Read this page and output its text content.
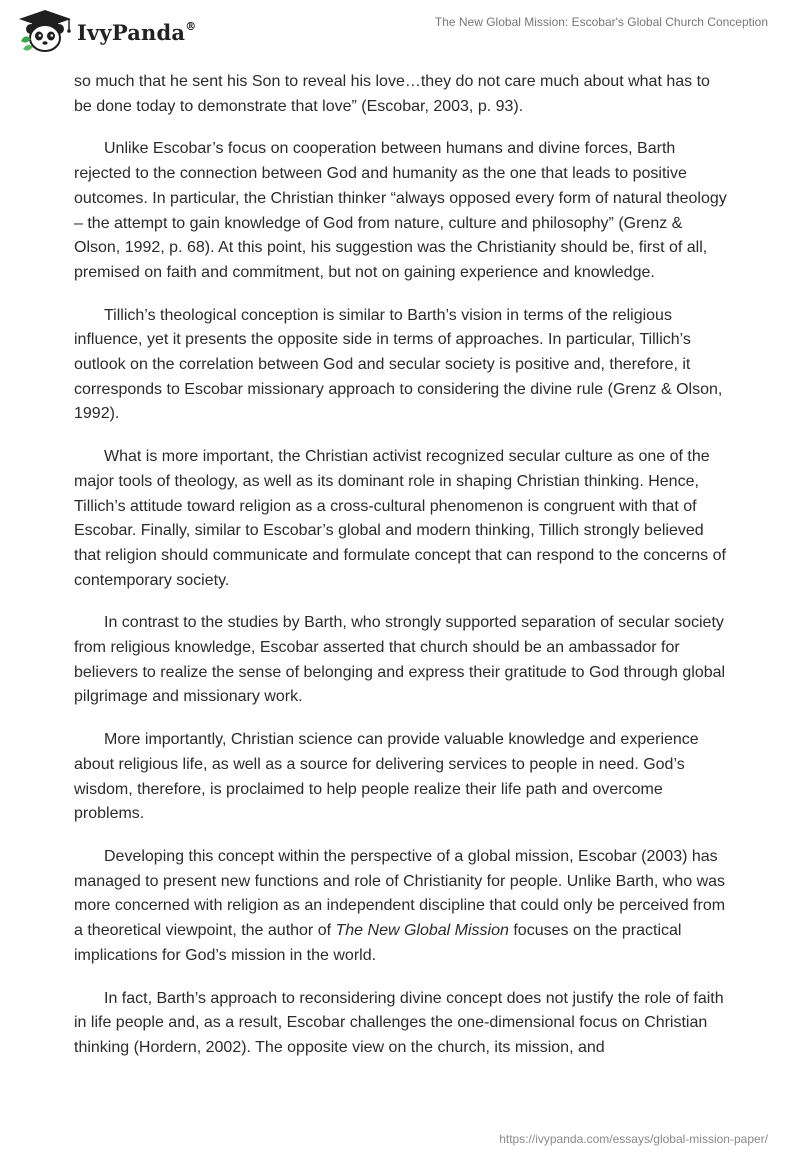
IvyPanda®	The New Global Mission: Escobar's Global Church Conception

so much that he sent his Son to reveal his love…they do not care much about what has to be done today to demonstrate that love” (Escobar, 2003, p. 93).

Unlike Escobar’s focus on cooperation between humans and divine forces, Barth rejected to the connection between God and humanity as the one that leads to positive outcomes. In particular, the Christian thinker “always opposed every form of natural theology – the attempt to gain knowledge of God from nature, culture and philosophy” (Grenz & Olson, 1992, p. 68). At this point, his suggestion was the Christianity should be, first of all, premised on faith and commitment, but not on gaining experience and knowledge.

Tillich’s theological conception is similar to Barth’s vision in terms of the religious influence, yet it presents the opposite side in terms of approaches. In particular, Tillich’s outlook on the correlation between God and secular society is positive and, therefore, it corresponds to Escobar missionary approach to considering the divine rule (Grenz & Olson, 1992).

What is more important, the Christian activist recognized secular culture as one of the major tools of theology, as well as its dominant role in shaping Christian thinking. Hence, Tillich’s attitude toward religion as a cross-cultural phenomenon is congruent with that of Escobar. Finally, similar to Escobar’s global and modern thinking, Tillich strongly believed that religion should communicate and formulate concept that can respond to the concerns of contemporary society.

In contrast to the studies by Barth, who strongly supported separation of secular society from religious knowledge, Escobar asserted that church should be an ambassador for believers to realize the sense of belonging and express their gratitude to God through global pilgrimage and missionary work.

More importantly, Christian science can provide valuable knowledge and experience about religious life, as well as a source for delivering services to people in need. God’s wisdom, therefore, is proclaimed to help people realize their life path and overcome problems.

Developing this concept within the perspective of a global mission, Escobar (2003) has managed to present new functions and role of Christianity for people. Unlike Barth, who was more concerned with religion as an independent discipline that could only be perceived from a theoretical viewpoint, the author of The New Global Mission focuses on the practical implications for God’s mission in the world.

In fact, Barth’s approach to reconsidering divine concept does not justify the role of faith in life people and, as a result, Escobar challenges the one-dimensional focus on Christian thinking (Hordern, 2002). The opposite view on the church, its mission, and

https://ivypanda.com/essays/global-mission-paper/
